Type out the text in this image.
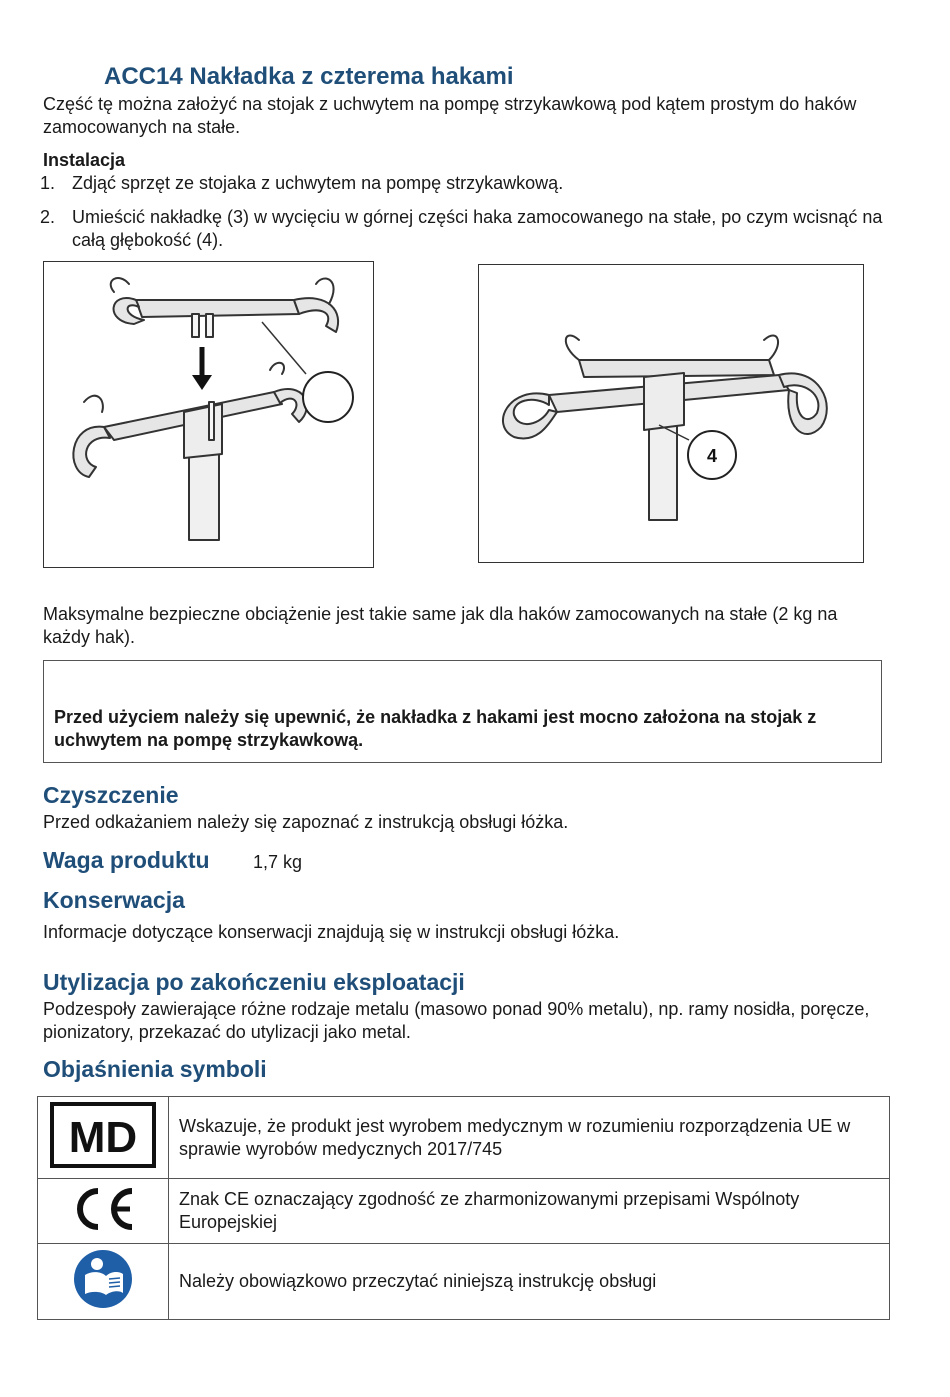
ACC14 Nakładka z czterema hakami
Część tę można założyć na stojak z uchwytem na pompę strzykawkową pod kątem prostym do haków zamocowanych na stałe.
Instalacja
1. Zdjąć sprzęt ze stojaka z uchwytem na pompę strzykawkową.
2. Umieścić nakładkę (3) w wycięciu w górnej części haka zamocowanego na stałe, po czym wcisnąć na całą głębokość (4).
4
Maksymalne bezpieczne obciążenie jest takie same jak dla haków zamocowanych na stałe (2 kg na każdy hak).
Przed użyciem należy się upewnić, że nakładka z hakami jest mocno założona na stojak z uchwytem na pompę strzykawkową.
Czyszczenie
Przed odkażaniem należy się zapoznać z instrukcją obsługi łóżka.
Waga produktu 1,7 kg
Konserwacja
Informacje dotyczące konserwacji znajdują się w instrukcji obsługi łóżka.
Utylizacja po zakończeniu eksploatacji
Podzespoły zawierające różne rodzaje metalu (masowo ponad 90% metalu), np. ramy nosidła, poręcze, pionizatory, przekazać do utylizacji jako metal.
Objaśnienia symboli
MD	Wskazuje, że produkt jest wyrobem medycznym w rozumieniu rozporządzenia UE w sprawie wyrobów medycznych 2017/745
	Znak CE oznaczający zgodność ze zharmonizowanymi przepisami Wspólnoty Europejskiej
	Należy obowiązkowo przeczytać niniejszą instrukcję obsługi
